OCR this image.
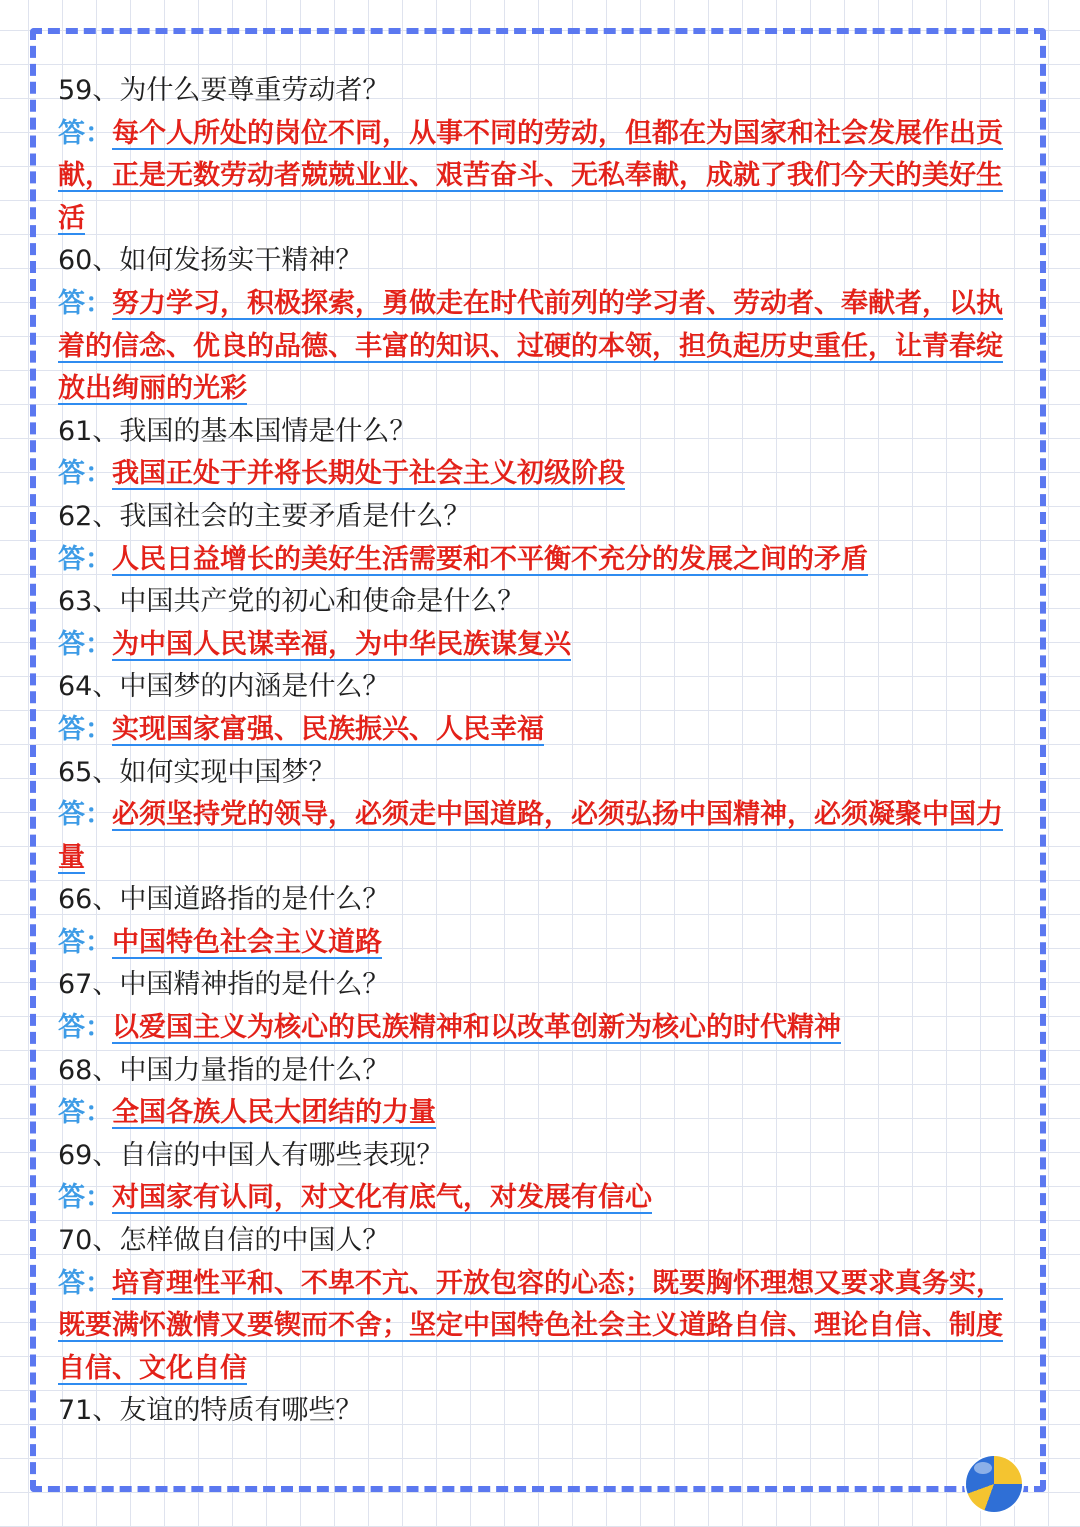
59、为什么要尊重劳动者？
答：每个人所处的岗位不同，从事不同的劳动，但都在为国家和社会发展作出贡献，正是无数劳动者兢兢业业、艰苦奋斗、无私奉献，成就了我们今天的美好生活
60、如何发扬实干精神？
答：努力学习，积极探索，勇做走在时代前列的学习者、劳动者、奉献者，以执着的信念、优良的品德、丰富的知识、过硬的本领，担负起历史重任，让青春绽放出绚丽的光彩
61、我国的基本国情是什么？
答：我国正处于并将长期处于社会主义初级阶段
62、我国社会的主要矛盾是什么？
答：人民日益增长的美好生活需要和不平衡不充分的发展之间的矛盾
63、中国共产党的初心和使命是什么？
答：为中国人民谋幸福，为中华民族谋复兴
64、中国梦的内涵是什么？
答：实现国家富强、民族振兴、人民幸福
65、如何实现中国梦？
答：必须坚持党的领导，必须走中国道路，必须弘扬中国精神，必须凝聚中国力量
66、中国道路指的是什么？
答：中国特色社会主义道路
67、中国精神指的是什么？
答：以爱国主义为核心的民族精神和以改革创新为核心的时代精神
68、中国力量指的是什么？
答：全国各族人民大团结的力量
69、自信的中国人有哪些表现？
答：对国家有认同，对文化有底气，对发展有信心
70、怎样做自信的中国人？
答：培育理性平和、不卑不亢、开放包容的心态；既要胸怀理想又要求真务实，既要满怀激情又要锲而不舍；坚定中国特色社会主义道路自信、理论自信、制度自信、文化自信
71、友谊的特质有哪些？
